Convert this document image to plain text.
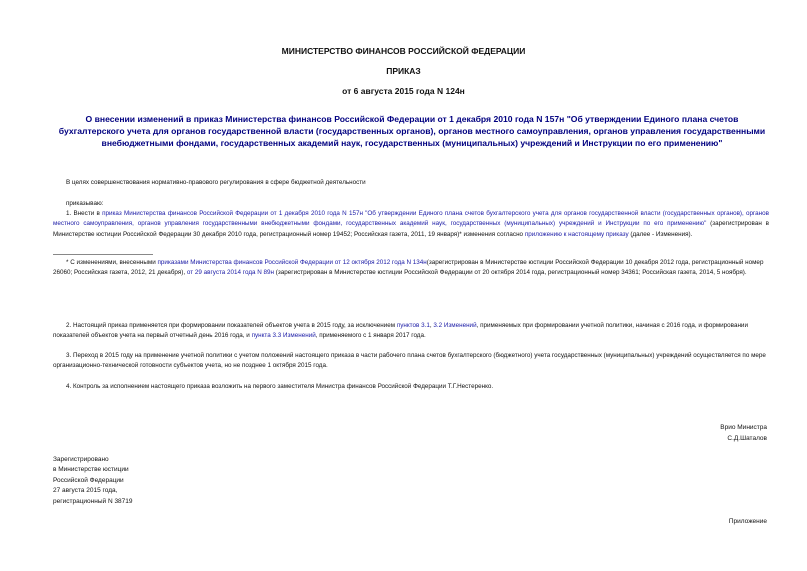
МИНИСТЕРСТВО ФИНАНСОВ РОССИЙСКОЙ ФЕДЕРАЦИИ
ПРИКАЗ
от 6 августа 2015 года N 124н
О внесении изменений в приказ Министерства финансов Российской Федерации от 1 декабря 2010 года N 157н "Об утверждении Единого плана счетов бухгалтерского учета для органов государственной власти (государственных органов), органов местного самоуправления, органов управления государственными внебюджетными фондами, государственных академий наук, государственных (муниципальных) учреждений и Инструкции по его применению"
В целях совершенствования нормативно-правового регулирования в сфере бюджетной деятельности
приказываю:
1. Внести в приказ Министерства финансов Российской Федерации от 1 декабря 2010 года N 157н "Об утверждении Единого плана счетов бухгалтерского учета для органов государственной власти (государственных органов), органов местного самоуправления, органов управления государственными внебюджетными фондами, государственных академий наук, государственных (муниципальных) учреждений и Инструкции по его применению" (зарегистрирован в Министерстве юстиции Российской Федерации 30 декабря 2010 года, регистрационный номер 19452; Российская газета, 2011, 19 января)* изменения согласно приложению к настоящему приказу (далее - Изменения).
* С изменениями, внесенными приказами Министерства финансов Российской Федерации от 12 октября 2012 года N 134н(зарегистрирован в Министерстве юстиции Российской Федерации 10 декабря 2012 года, регистрационный номер 26060; Российская газета, 2012, 21 декабря), от 29 августа 2014 года N 89н (зарегистрирован в Министерстве юстиции Российской Федерации от 20 октября 2014 года, регистрационный номер 34361; Российская газета, 2014, 5 ноября).
2. Настоящий приказ применяется при формировании показателей объектов учета в 2015 году, за исключением пунктов 3.1, 3.2 Изменений, применяемых при формировании учетной политики, начиная с 2016 года, и формировании показателей объектов учета на первый отчетный день 2016 года, и пункта 3.3 Изменений, применяемого с 1 января 2017 года.
3. Переход в 2015 году на применение учетной политики с учетом положений настоящего приказа в части рабочего плана счетов бухгалтерского (бюджетного) учета государственных (муниципальных) учреждений осуществляется по мере организационно-технической готовности субъектов учета, но не позднее 1 октября 2015 года.
4. Контроль за исполнением настоящего приказа возложить на первого заместителя Министра финансов Российской Федерации Т.Г.Нестеренко.
Врио Министра
С.Д.Шаталов
Зарегистрировано
в Министерстве юстиции
Российской Федерации
27 августа 2015 года,
регистрационный N 38719
Приложение
